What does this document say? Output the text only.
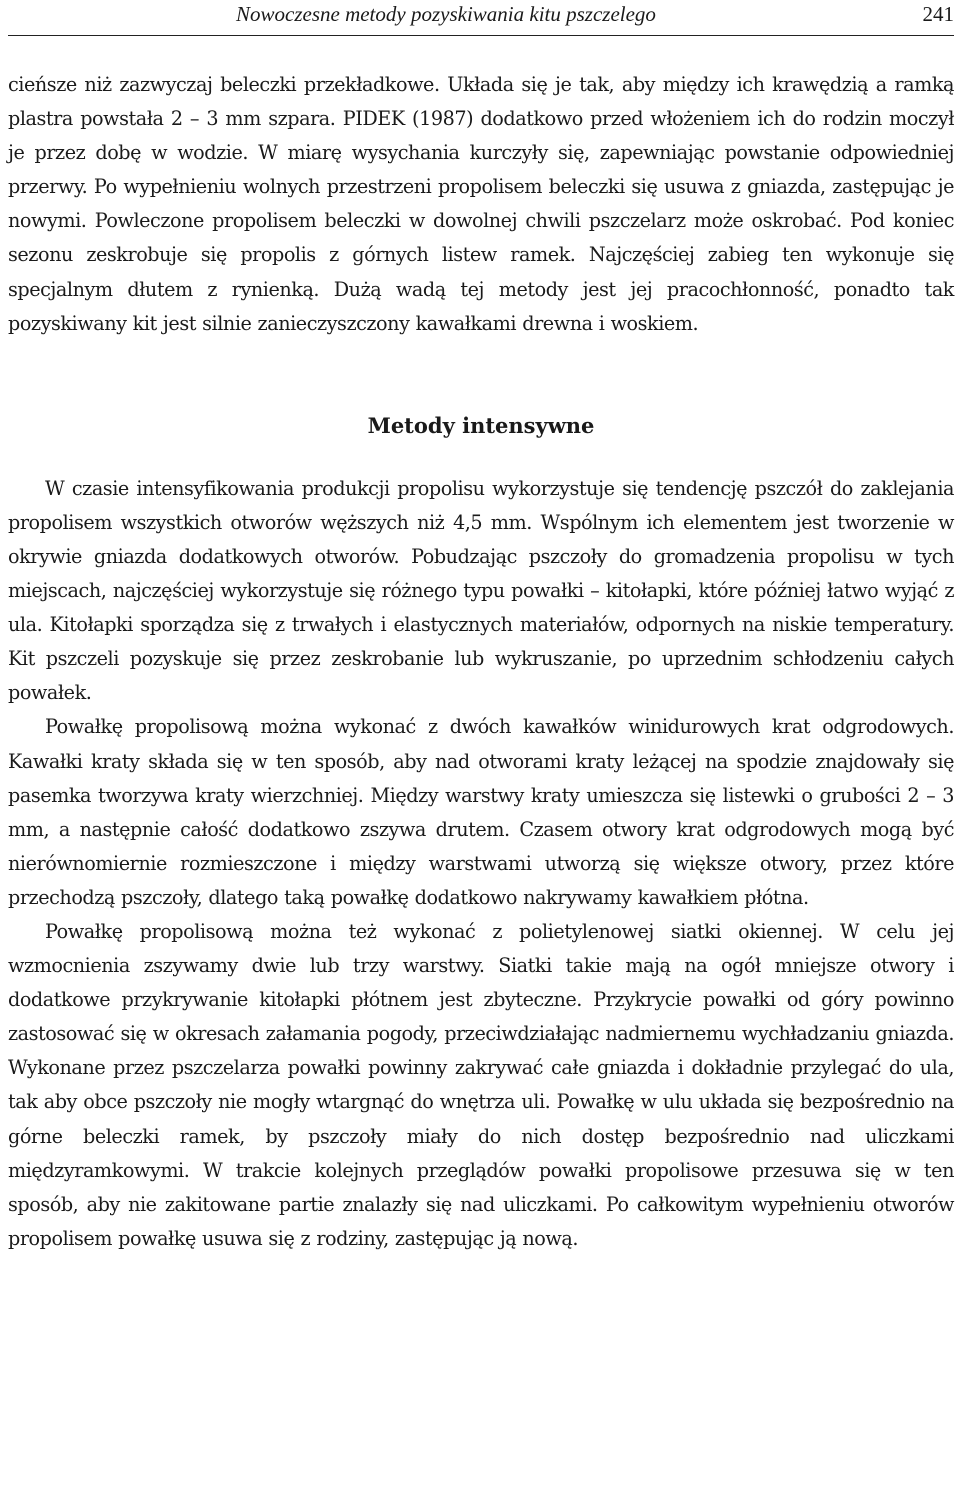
Nowoczesne metody pozyskiwania kitu pszczelego	241

cieńsze niż zazwyczaj beleczki przekładkowe. Układa się je tak, aby między ich krawędzią a ramką plastra powstała 2 – 3 mm szpara. PIDEK (1987) dodatkowo przed włożeniem ich do rodzin moczył je przez dobę w wodzie. W miarę wysychania kurczyły się, zapewniając powstanie odpowiedniej przerwy. Po wypełnieniu wolnych przestrzeni propolisem beleczki się usuwa z gniazda, zastępując je nowymi. Powleczone propolisem beleczki w dowolnej chwili pszczelarz może oskrobać. Pod koniec sezonu zeskrobuje się propolis z górnych listew ramek. Najczęściej zabieg ten wykonuje się specjalnym dłutem z rynienką. Dużą wadą tej metody jest jej pracochłonność, ponadto tak pozyskiwany kit jest silnie zanieczyszczony kawałkami drewna i woskiem.

Metody intensywne

W czasie intensyfikowania produkcji propolisu wykorzystuje się tendencję pszczół do zaklejania propolisem wszystkich otworów węższych niż 4,5 mm. Wspólnym ich elementem jest tworzenie w okrywie gniazda dodatkowych otworów. Pobudzając pszczoły do gromadzenia propolisu w tych miejscach, najczęściej wykorzystuje się różnego typu powałki – kitołapki, które później łatwo wyjąć z ula. Kitołapki sporządza się z trwałych i elastycznych materiałów, odpornych na niskie temperatury. Kit pszczeli pozyskuje się przez zeskrobanie lub wykruszanie, po uprzednim schłodzeniu całych powałek.

Powałkę propolisową można wykonać z dwóch kawałków winidurowych krat odgrodowych. Kawałki kraty składa się w ten sposób, aby nad otworami kraty leżącej na spodzie znajdowały się pasemka tworzywa kraty wierzchniej. Między warstwy kraty umieszcza się listewki o grubości 2 – 3 mm, a następnie całość dodatkowo zszywa drutem. Czasem otwory krat odgrodowych mogą być nierównomiernie rozmieszczone i między warstwami utworzą się większe otwory, przez które przechodzą pszczoły, dlatego taką powałkę dodatkowo nakrywamy kawałkiem płótna.

Powałkę propolisową można też wykonać z polietylenowej siatki okiennej. W celu jej wzmocnienia zszywamy dwie lub trzy warstwy. Siatki takie mają na ogół mniejsze otwory i dodatkowe przykrywanie kitołapki płótnem jest zbyteczne. Przykrycie powałki od góry powinno zastosować się w okresach załamania pogody, przeciwdziałając nadmiernemu wychładzaniu gniazda. Wykonane przez pszczelarza powałki powinny zakrywać całe gniazda i dokładnie przylegać do ula, tak aby obce pszczoły nie mogły wtargnąć do wnętrza uli. Powałkę w ulu układa się bezpośrednio na górne beleczki ramek, by pszczoły miały do nich dostęp bezpośrednio nad uliczkami międzyramkowymi. W trakcie kolejnych przeglądów powałki propolisowe przesuwa się w ten sposób, aby nie zakitowane partie znalazły się nad uliczkami. Po całkowitym wypełnieniu otworów propolisem powałkę usuwa się z rodziny, zastępując ją nową.
